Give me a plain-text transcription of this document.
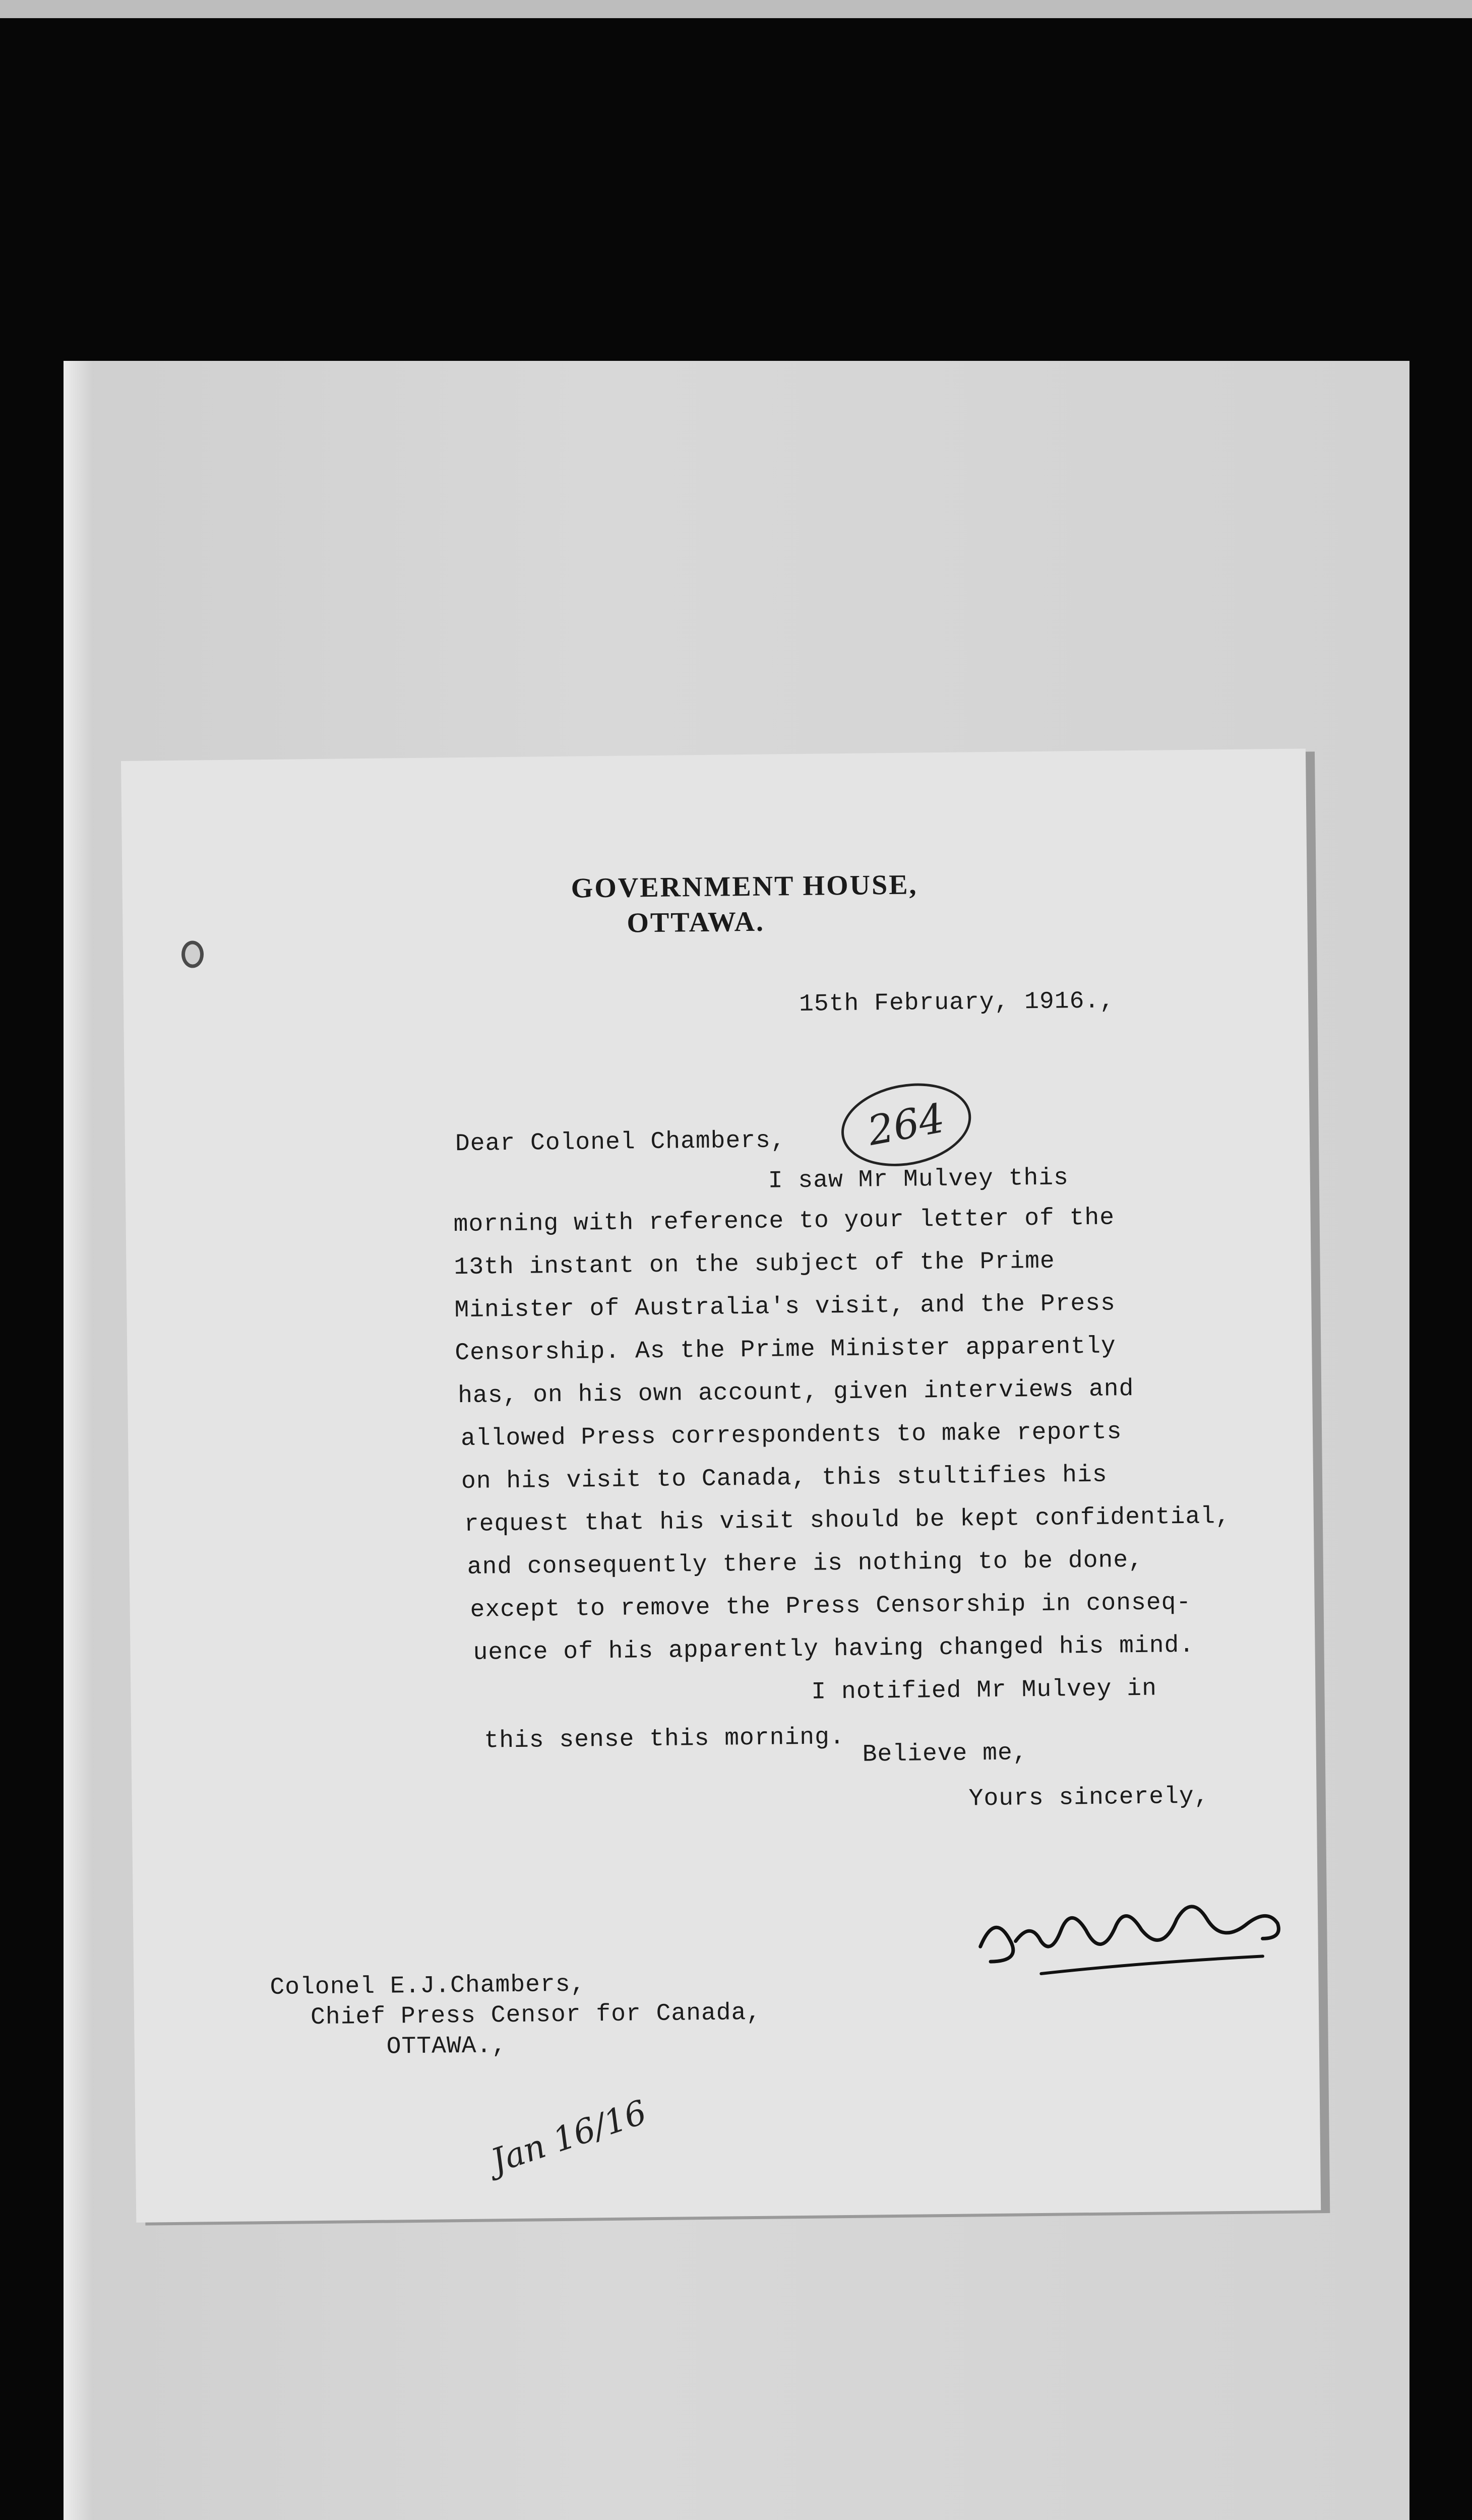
GOVERNMENT HOUSE,
OTTAWA.
15th February, 1916.,
264
Dear Colonel Chambers,
I saw Mr Mulvey this
morning with reference to your letter of the
13th instant on the subject of the Prime
Minister of Australia's visit, and the Press
Censorship. As the Prime Minister apparently
has, on his own account, given interviews and
allowed Press correspondents to make reports
on his visit to Canada, this stultifies his
request that his visit should be kept confidential,
and consequently there is nothing to be done,
except to remove the Press Censorship in conseq-
uence of his apparently having changed his mind.
I notified Mr Mulvey in
this sense this morning. Believe me,
Yours sincerely,
Colonel E.J.Chambers,
Chief Press Censor for Canada,
OTTAWA.,
Jan 16/16
